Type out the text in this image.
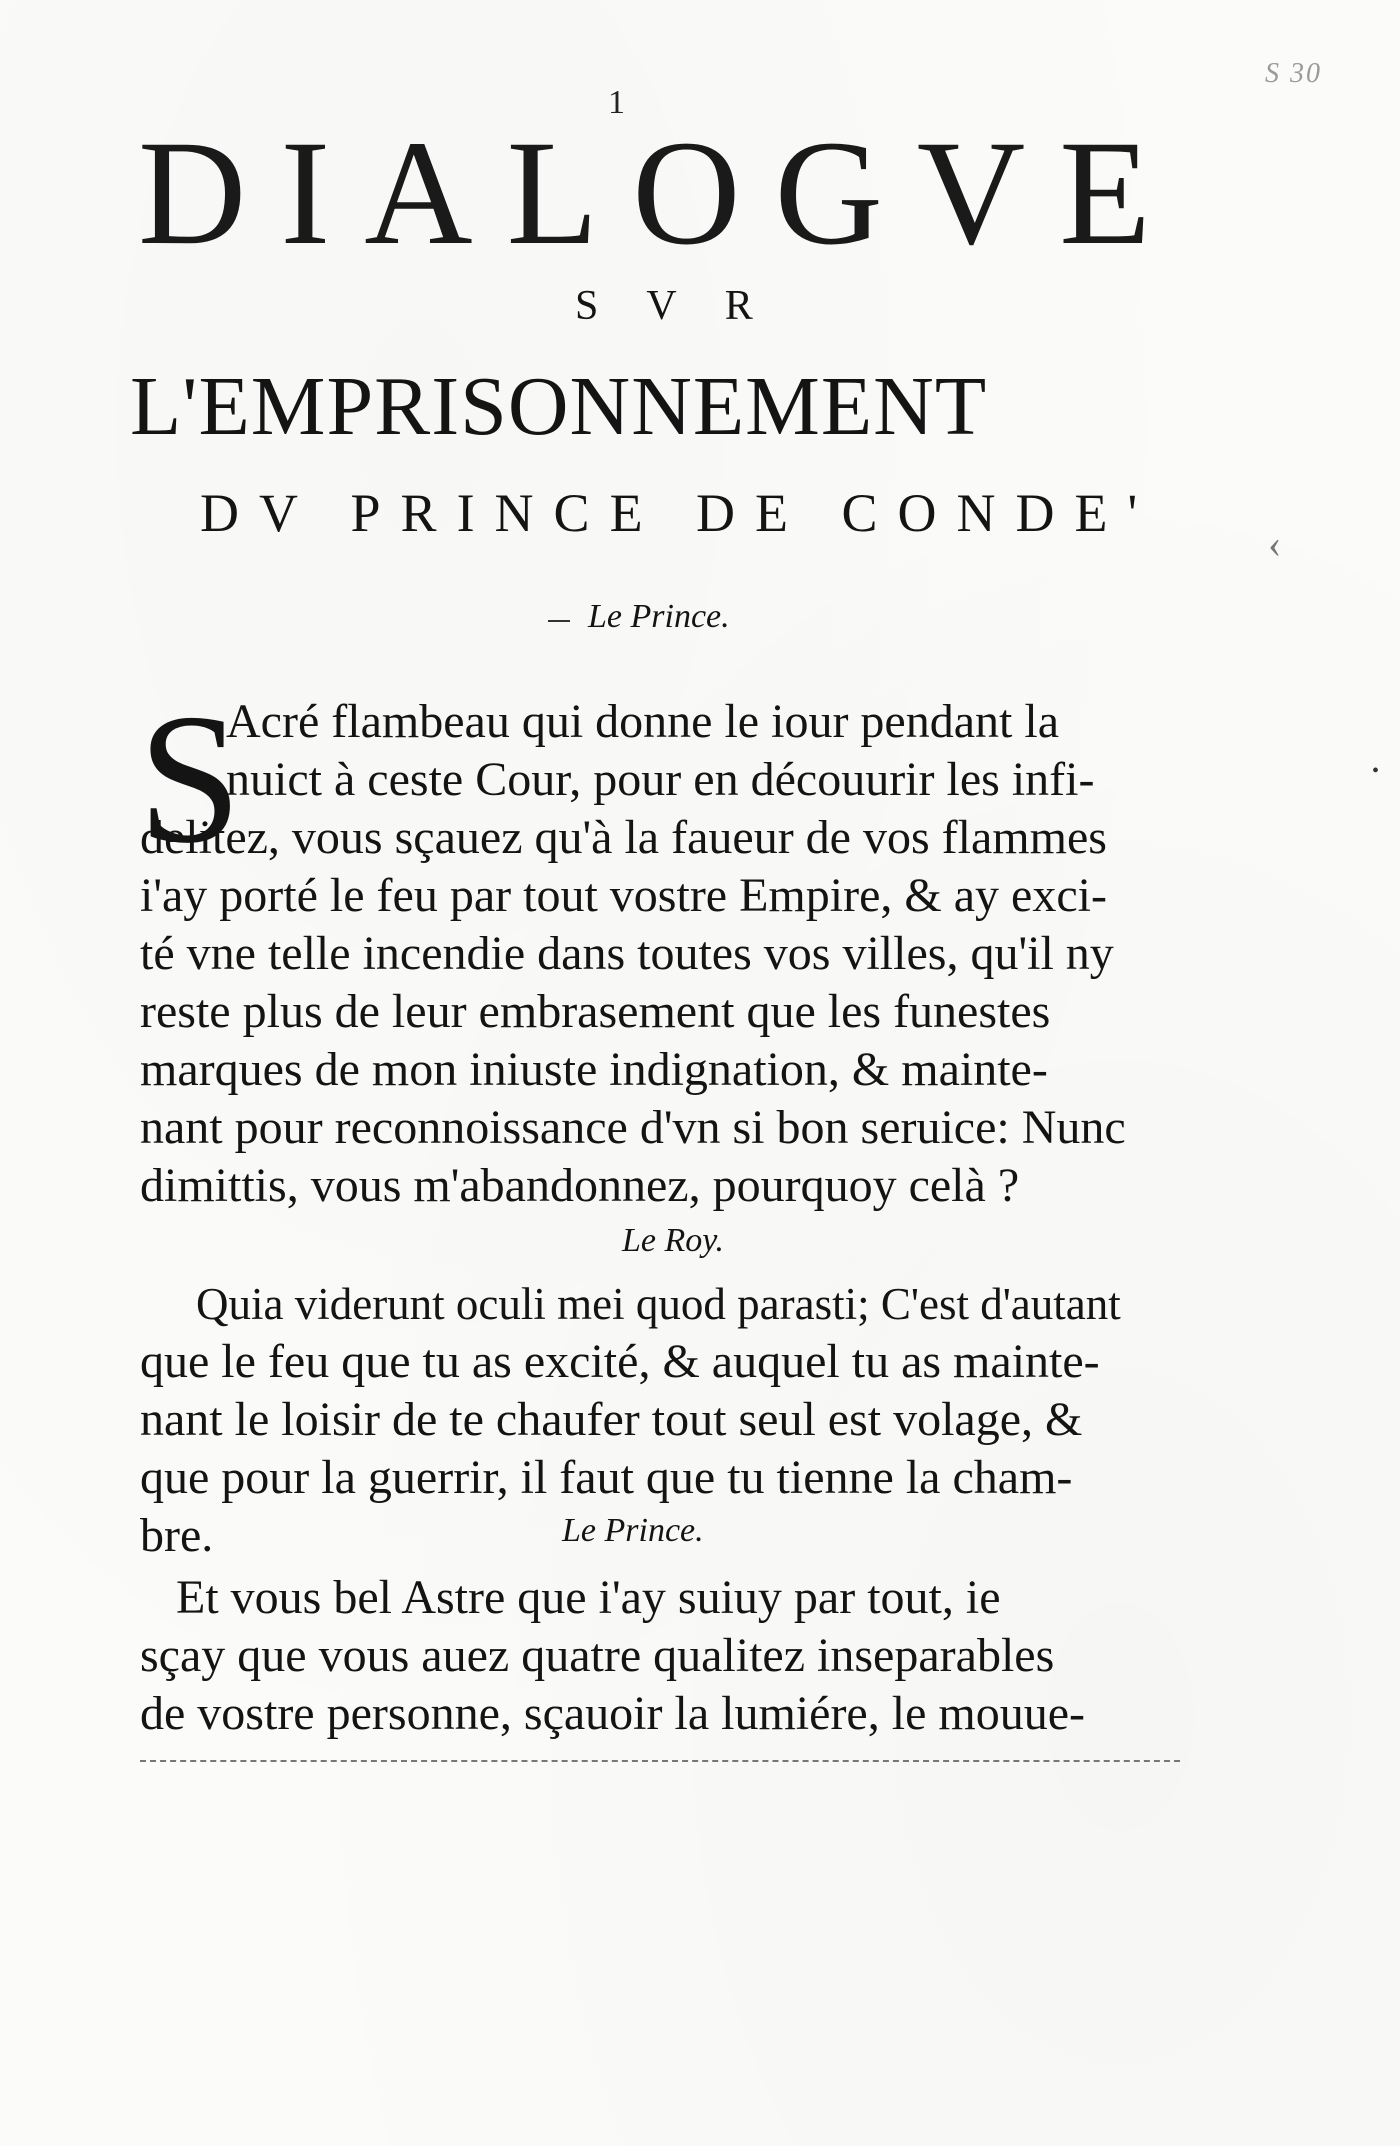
S 30
1
DIALOGVE
SVR
L'EMPRISONNEMENT
DV PRINCE DE CONDE'
Le Prince.
S
Acré flambeau qui donne le iour pendant la
nuict à ceste Cour, pour en découurir les infi-
delitez, vous sçauez qu'à la faueur de vos flammes
i'ay porté le feu par tout vostre Empire, & ay exci-
té vne telle incendie dans toutes vos villes, qu'il ny
reste plus de leur embrasement que les funestes
marques de mon iniuste indignation, & mainte-
nant pour reconnoissance d'vn si bon seruice: Nunc
dimittis, vous m'abandonnez, pourquoy celà ?
Le Roy.
Quia viderunt oculi mei quod parasti; C'est d'autant
que le feu que tu as excité, & auquel tu as mainte-
nant le loisir de te chaufer tout seul est volage, &
que pour la guerrir, il faut que tu tienne la cham-
bre.	Le Prince.
Et vous bel Astre que i'ay suiuy par tout, ie
sçay que vous auez quatre qualitez inseparables
de vostre personne, sçauoir la lumiére, le mouue-
‹
•
